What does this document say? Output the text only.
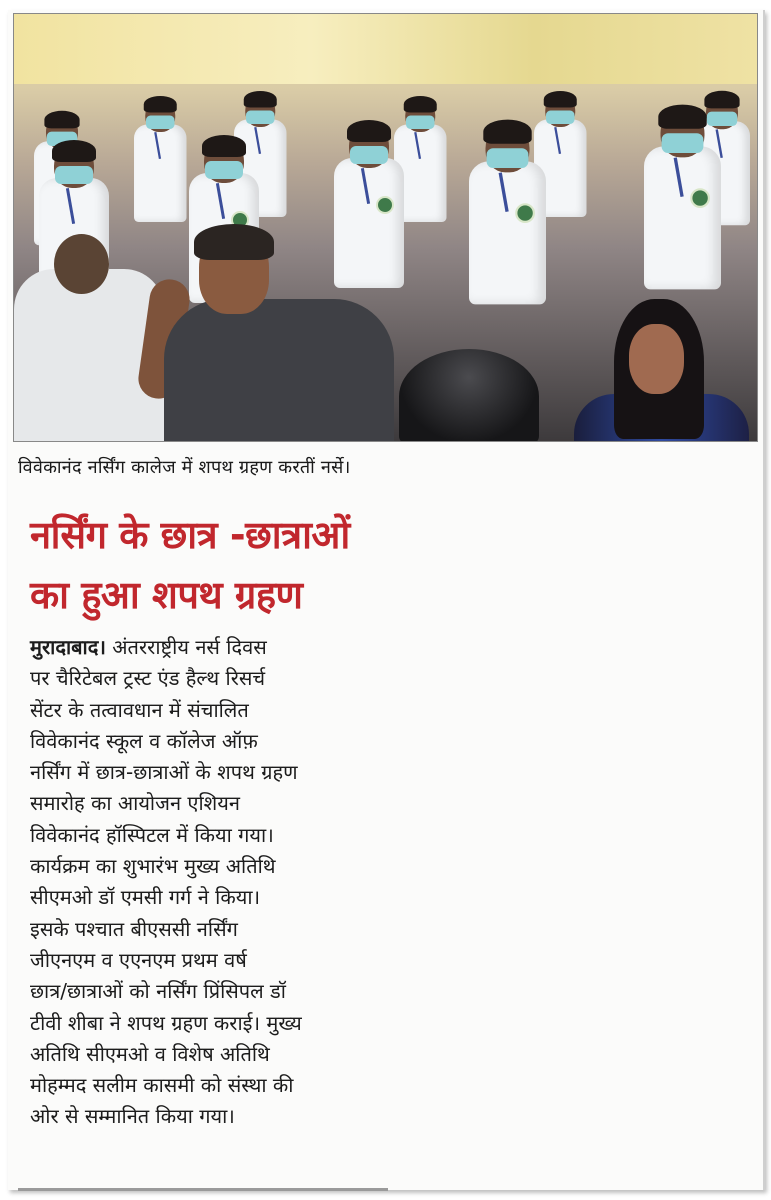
विवेकानंद नर्सिंग कालेज में शपथ ग्रहण करतीं नर्से।
नर्सिंग के छात्र -छात्राओं
का हुआ शपथ ग्रहण
मुरादाबाद। अंतरराष्ट्रीय नर्स दिवस
पर चैरिटेबल ट्रस्ट एंड हैल्थ रिसर्च
सेंटर के तत्वावधान में संचालित
विवेकानंद स्कूल व कॉलेज ऑफ़
नर्सिंग में छात्र-छात्राओं के शपथ ग्रहण
समारोह का आयोजन एशियन
विवेकानंद हॉस्पिटल में किया गया।
कार्यक्रम का शुभारंभ मुख्य अतिथि
सीएमओ डॉ एमसी गर्ग ने किया।
इसके पश्चात बीएससी नर्सिंग
जीएनएम व एएनएम प्रथम वर्ष
छात्र/छात्राओं को नर्सिंग प्रिंसिपल डॉ
टीवी शीबा ने शपथ ग्रहण कराई। मुख्य
अतिथि सीएमओ व विशेष अतिथि
मोहम्मद सलीम कासमी को संस्था की
ओर से सम्मानित किया गया।
